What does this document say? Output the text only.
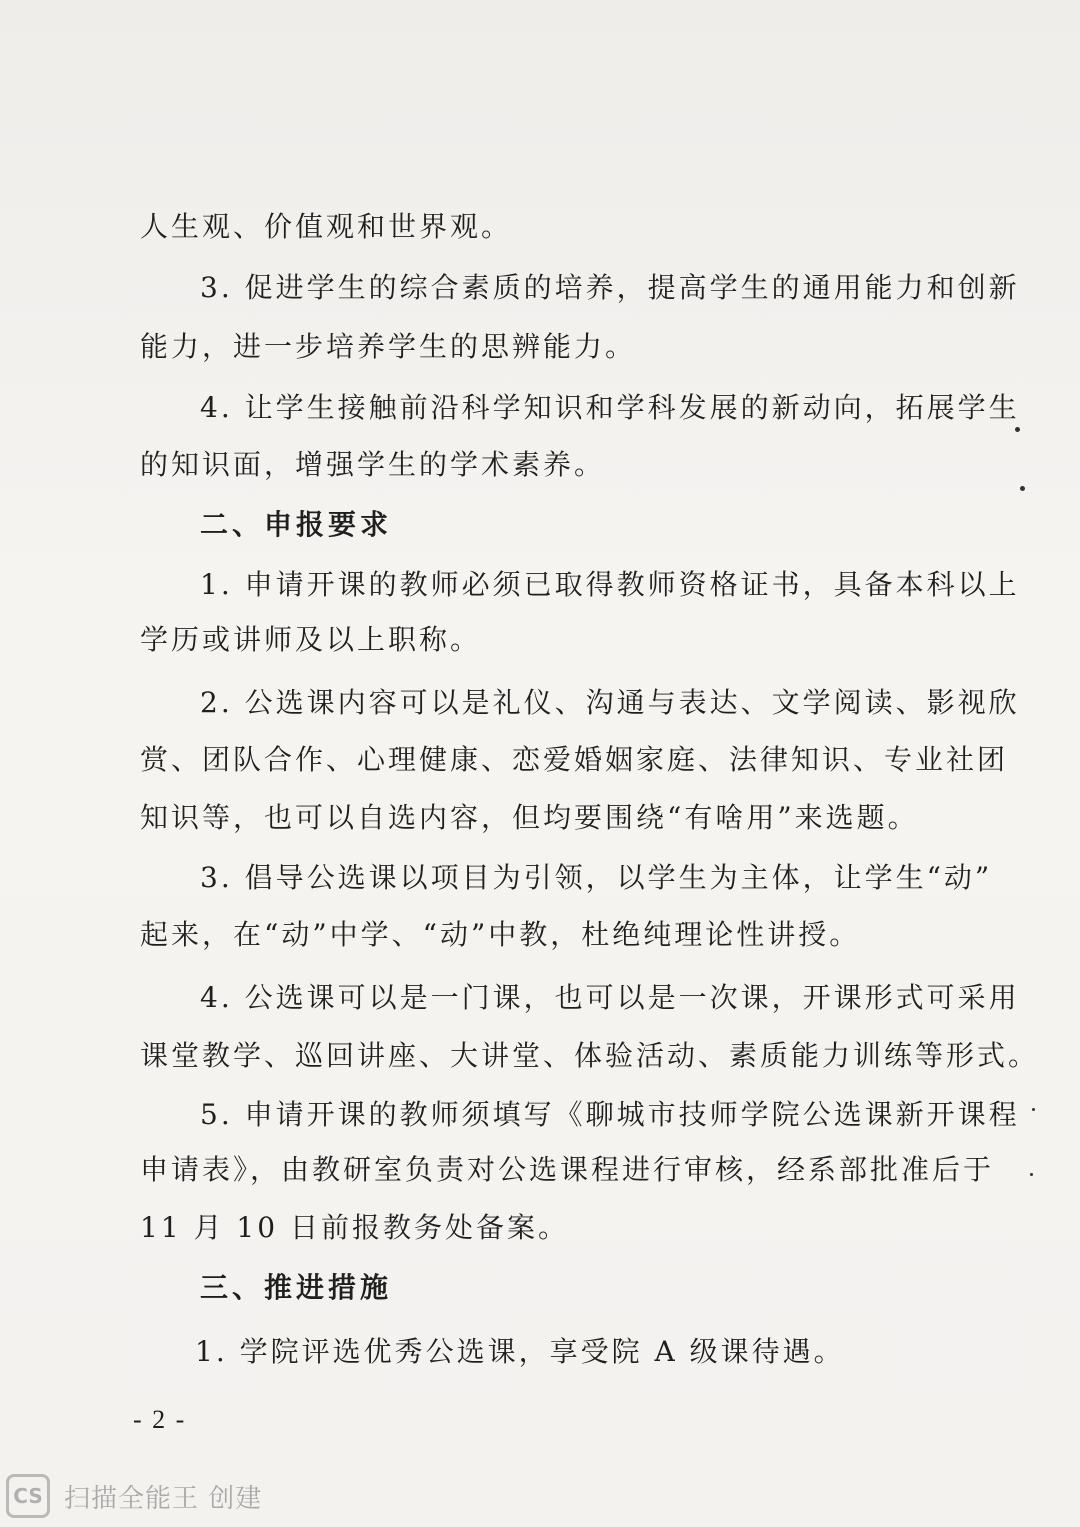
人生观、价值观和世界观。
3. 促进学生的综合素质的培养，提高学生的通用能力和创新
能力，进一步培养学生的思辨能力。
4. 让学生接触前沿科学知识和学科发展的新动向，拓展学生
的知识面，增强学生的学术素养。
二、申报要求
1. 申请开课的教师必须已取得教师资格证书，具备本科以上
学历或讲师及以上职称。
2. 公选课内容可以是礼仪、沟通与表达、文学阅读、影视欣
赏、团队合作、心理健康、恋爱婚姻家庭、法律知识、专业社团
知识等，也可以自选内容，但均要围绕“有啥用”来选题。
3. 倡导公选课以项目为引领，以学生为主体，让学生“动”
起来，在“动”中学、“动”中教，杜绝纯理论性讲授。
4. 公选课可以是一门课，也可以是一次课，开课形式可采用
课堂教学、巡回讲座、大讲堂、体验活动、素质能力训练等形式。
5. 申请开课的教师须填写《聊城市技师学院公选课新开课程
申请表》，由教研室负责对公选课程进行审核，经系部批准后于
11 月 10 日前报教务处备案。
三、推进措施
1. 学院评选优秀公选课，享受院 A 级课待遇。
- 2 -
CS 扫描全能王 创建
